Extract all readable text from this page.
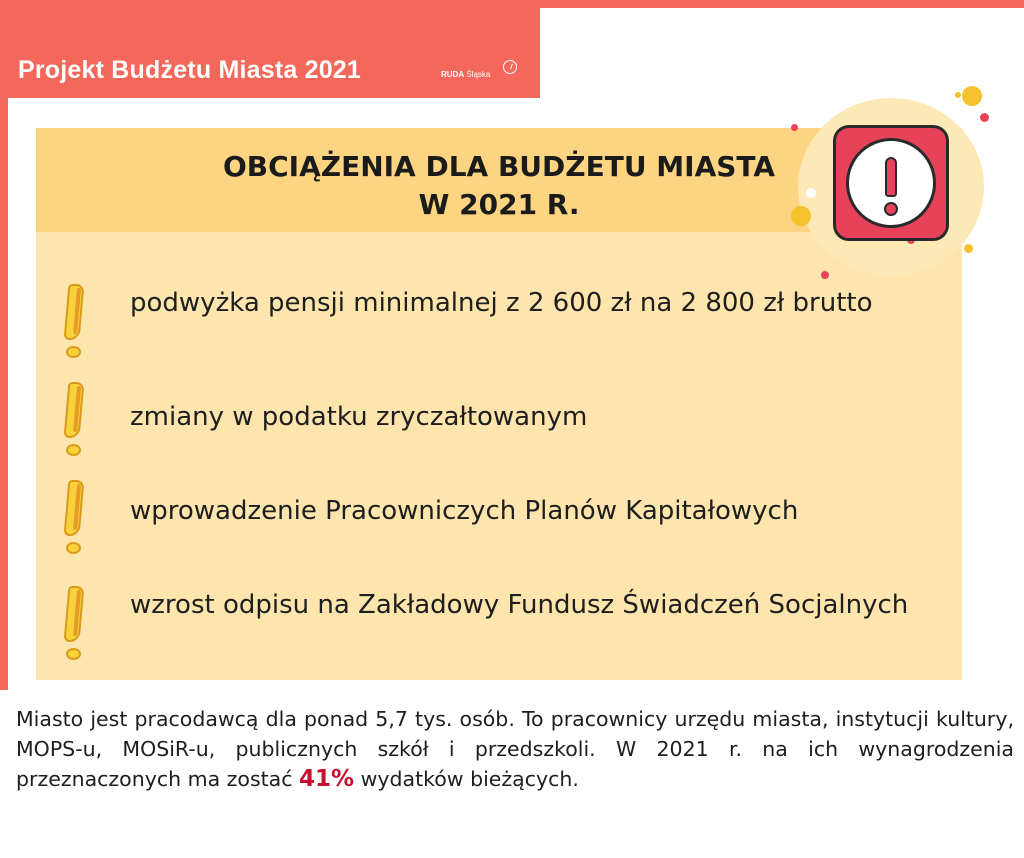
Projekt Budżetu Miasta 2021	RUDA Śląska
OBCIĄŻENIA DLA BUDŻETU MIASTA
W 2021 R.
podwyżka pensji minimalnej z 2 600 zł na 2 800 zł brutto
zmiany w podatku zryczałtowanym
wprowadzenie Pracowniczych Planów Kapitałowych
wzrost odpisu na Zakładowy Fundusz Świadczeń Socjalnych
Miasto jest pracodawcą dla ponad 5,7 tys. osób. To pracownicy urzędu miasta, instytucji kultury, MOPS-u, MOSiR-u, publicznych szkół i przedszkoli. W 2021 r. na ich wynagrodzenia przeznaczonych ma zostać 41% wydatków bieżących.
